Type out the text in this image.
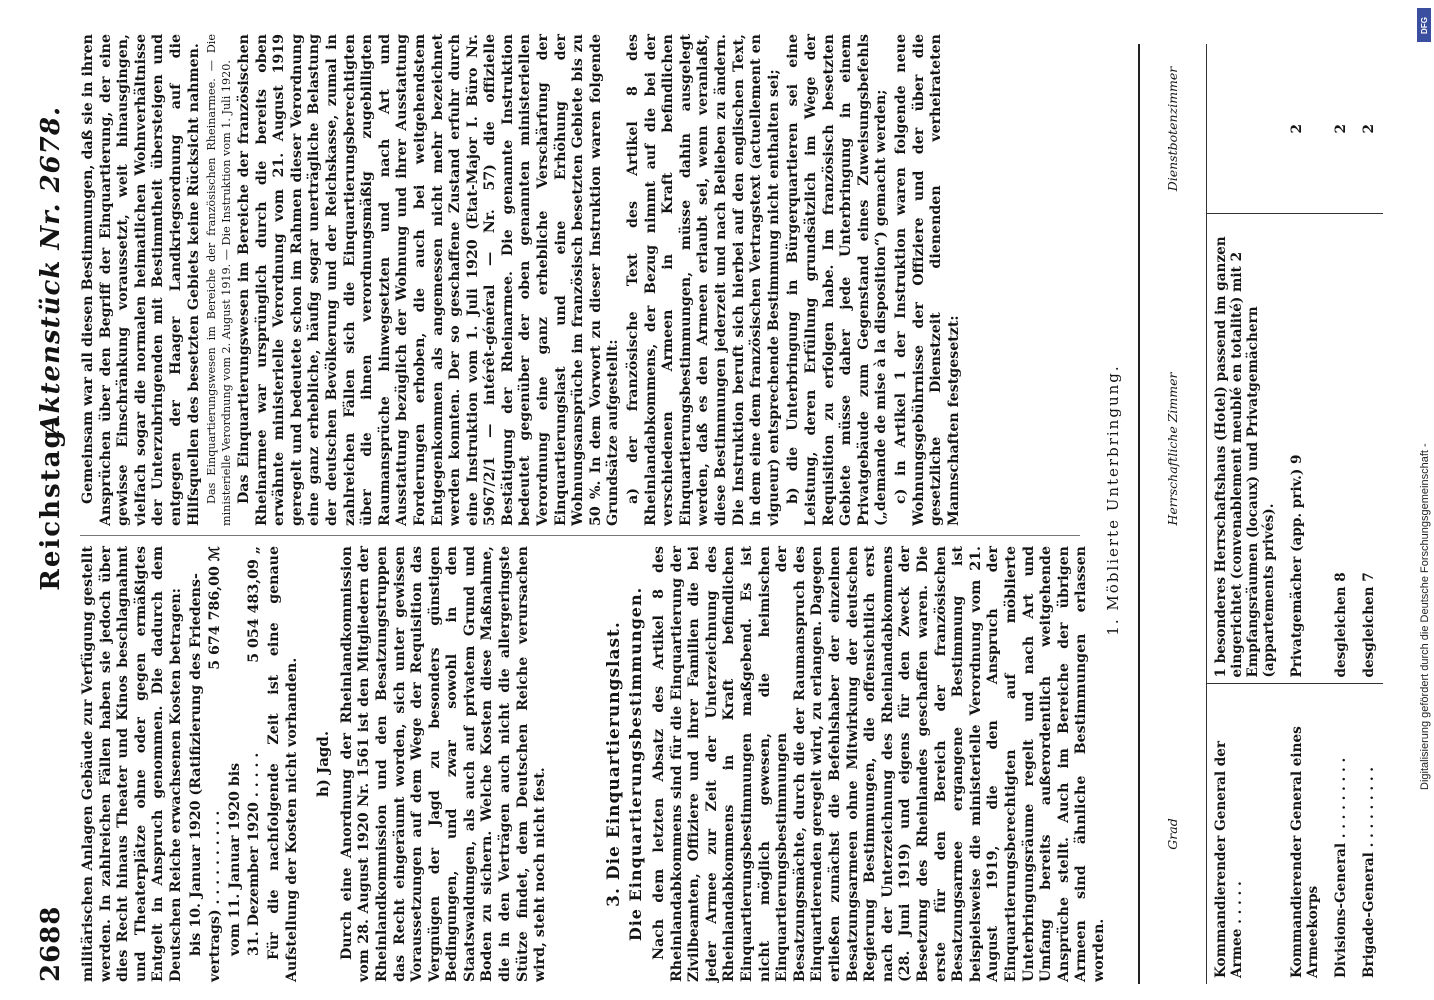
2688
Reichstag.
Aktenstück Nr. 2678.

militärischen Anlagen Gebäude zur Verfügung gestellt werden. In zahlreichen Fällen haben sie jedoch über dies Recht hinaus Theater und Kinos beschlagnahmt und Theaterplätze ohne oder gegen ermäßigtes Entgelt in Anspruch genommen. Die dadurch dem Deutschen Reiche erwachsenen Kosten betragen: bis 10. Januar 1920 (Ratifizierung des Friedens- vertrags) . . . . . . . . . .
5 674 786,00 ℳ

vom 11. Januar 1920 bis 31. Dezember 1920 . . . . .
5 054 483,09 „ Für die nachfolgende Zeit ist eine genaue Aufstellung der Kosten nicht vorhanden. h) Jagd. Durch eine Anordnung der Rheinlandkommission vom 28. August 1920 Nr. 1561 ist den Mitgliedern der Rheinlandkommission und den Besatzungstruppen das Recht eingeräumt worden, sich unter gewissen Voraussetzungen auf dem Wege der Requisition das Vergnügen der Jagd zu besonders günstigen Bedingungen, und zwar sowohl in den Staatswaldungen, als auch auf privatem Grund und Boden zu sichern. Welche Kosten diese Maßnahme, die in den Verträgen auch nicht die allergeringste Stütze findet, dem Deutschen Reiche verursachen wird, steht noch nicht fest.	3. Die Einquartierungslast. Die Einquartierungsbestimmungen. Nach dem letzten Absatz des Artikel 8 des Rheinlandabkommens sind für die Einquartierung der Zivilbeamten, Offiziere und ihrer Familien die bei jeder Armee zur Zeit der Unterzeichnung des Rheinlandabkommens in Kraft befindlichen Einquartierungsbestimmungen maßgebend. Es ist nicht möglich gewesen, die heimischen Einquartierungsbestimmungen der Besatzungsmächte, durch die der Raumanspruch des Einquartierenden geregelt wird, zu erlangen. Dagegen erließen zunächst die Befehlshaber der einzelnen Besatzungsarmeen ohne Mitwirkung der deutschen Regierung Bestimmungen, die offensichtlich erst nach der Unterzeichnung des Rheinlandabkommens (28. Juni 1919) und eigens für den Zweck der Besetzung des Rheinlandes geschaffen waren. Die erste für den Bereich der französischen Besatzungsarmee ergangene Bestimmung ist beispielsweise die ministerielle Verordnung vom 21. August 1919, die den Anspruch der Einquartierungsberechtigten auf möblierte Unterbringungsräume regelt und nach Art und Umfang bereits außerordentlich weitgehende Ansprüche stellt. Auch im Bereiche der übrigen Armeen sind ähnliche Bestimmungen erlassen worden.

Gemeinsam war all diesen Bestimmungen, daß sie in ihren Ansprüchen über den Begriff der Einquartierung, der eine gewisse Einschränkung voraussetzt, weit hinausgingen, vielfach sogar die normalen heimatlichen Wohnverhältnisse der Unterzubringenden mit Bestimmtheit übersteigen und entgegen der Haager Landkriegsordnung auf die Hilfsquellen des besetzten Gebiets keine Rücksicht nahmen. Das Einquartierungswesen im Bereiche der französischen Rheinarmee. — Die ministerielle Verordnung vom 2. August 1919. — Die Instruktion vom 1. Juli 1920. Das Einquartierungswesen im Bereiche der französischen Rheinarmee war ursprünglich durch die bereits oben erwähnte ministerielle Verordnung vom 21. August 1919 geregelt und bedeutete schon im Rahmen dieser Verordnung eine ganz erhebliche, häufig sogar unerträgliche Belastung der deutschen Bevölkerung und der Reichskasse, zumal in zahlreichen Fällen sich die Einquartierungsberechtigten über die ihnen verordnungsmäßig zugebilligten Raumansprüche hinwegsetzten und nach Art und Ausstattung bezüglich der Wohnung und ihrer Ausstattung Forderungen erhoben, die auch bei weitgehendstem Entgegenkommen als angemessen nicht mehr bezeichnet werden konnten. Der so geschaffene Zustand erfuhr durch eine Instruktion vom 1. Juli 1920 (Etat-Major I. Büro Nr. 5967/2/1 — intérêt-général — Nr. 57) die offizielle Bestätigung der Rheinarmee. Die genannte Instruktion bedeutet gegenüber der oben genannten ministeriellen Verordnung eine ganz erhebliche Verschärfung der Einquartierungslast und eine Erhöhung der Wohnungsansprüche im französisch besetzten Gebiete bis zu 50 %. In dem Vorwort zu dieser Instruktion waren folgende Grundsätze aufgestellt: a) der französische Text des Artikel 8 des Rheinlandabkommens, der Bezug nimmt auf die bei der verschiedenen Armeen in Kraft befindlichen Einquartierungsbestimmungen, müsse dahin ausgelegt werden, daß es den Armeen erlaubt sei, wenn veranlaßt, diese Bestimmungen jederzeit und nach Belieben zu ändern. Die Instruktion beruft sich hierbei auf den englischen Text, in dem eine dem französischen Vertragstext (actuellement en vigueur) entsprechende Bestimmung nicht enthalten sei; b) die Unterbringung in Bürgerquartieren sei eine Leistung, deren Erfüllung grundsätzlich im Wege der Requisition zu erfolgen habe. Im französisch besetzten Gebiete müsse daher jede Unterbringung in einem Privatgebäude zum Gegenstand eines Zuweisungsbefehls („demande de mise à la disposition“) gemacht werden; c) in Artikel 1 der Instruktion waren folgende neue Wohnungsgebührnisse der Offiziere und der über die gesetzliche Dienstzeit dienenden verheirateten Mannschaften festgesetzt:	1. Möblierte Unterbringung.
Grad	Herrschaftliche Zimmer	Dienstbotenzimmer
Kommandierender General der Armee . . . . .	1 besonderes Herrschaftshaus (Hotel) passend im ganzen eingerichtet (convenablement meublé en totalité) mit 2 Empfangsräumen (locaux) und Privatgemächern (appartements privés).	
Kommandierender General eines Armeekorps	Privatgemächer (app. priv.) 9	2
Divisions-General . . . . . . . . .	desgleichen 8	2
Brigade-General . . . . . . . . .	desgleichen 7	2
DFG
Digitalisierung gefördert durch die Deutsche Forschungsgemeinschaft -
